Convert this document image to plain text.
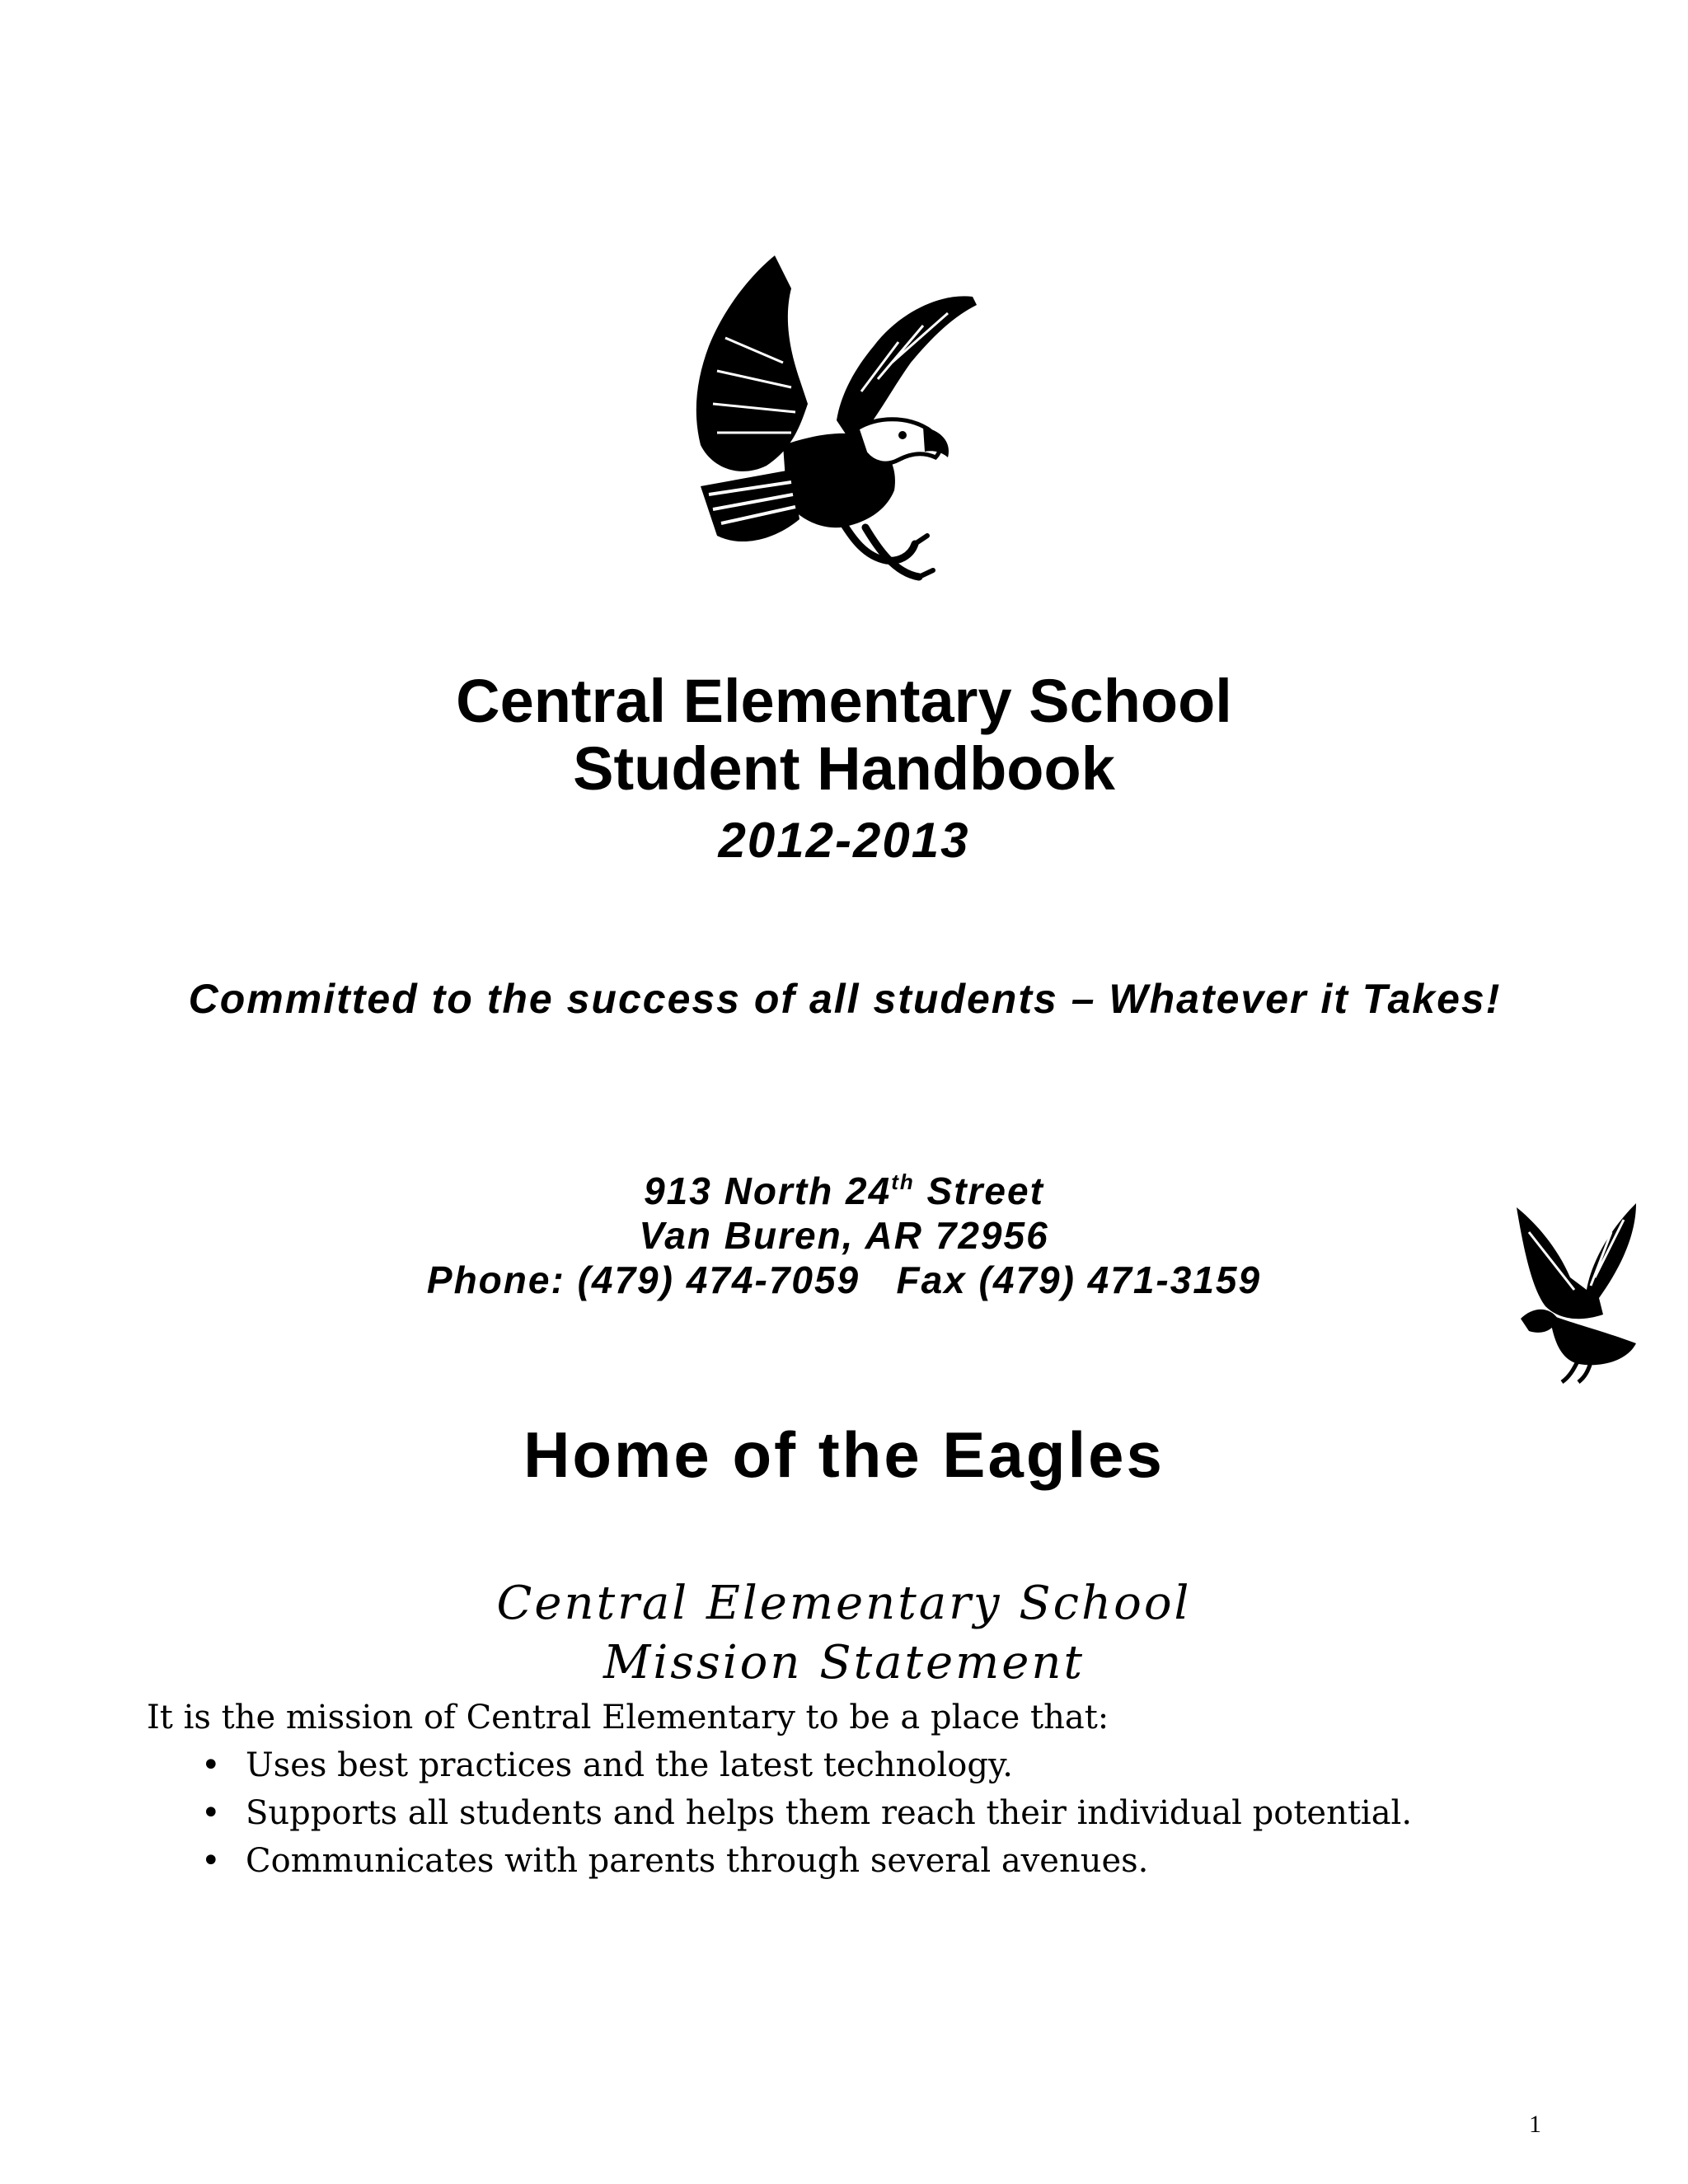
Central Elementary School
Student Handbook
2012-2013
Committed to the success of all students – Whatever it Takes!
913 North 24th Street
Van Buren, AR 72956
Phone: (479) 474-7059   Fax (479) 471-3159
Home of the Eagles
Central Elementary School
Mission Statement

It is the mission of Central Elementary to be a place that:

• Uses best practices and the latest technology.
• Supports all students and helps them reach their individual potential.
• Communicates with parents through several avenues.
1
